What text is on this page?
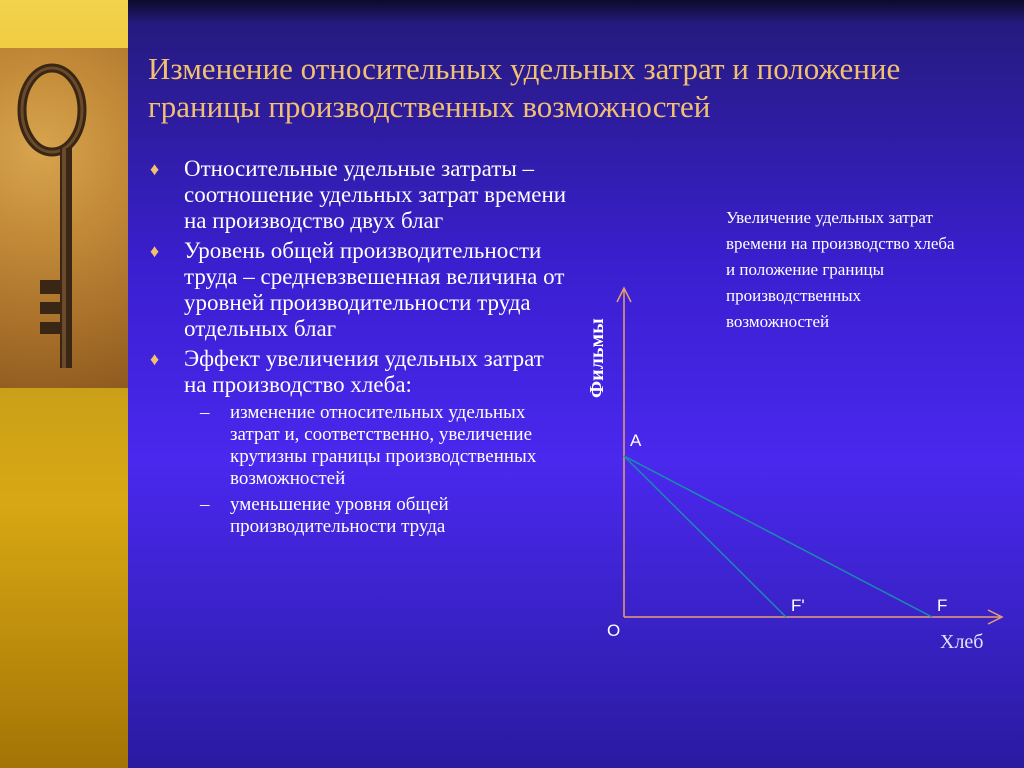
Изменение относительных удельных затрат и положение границы производственных возможностей
♦ Относительные удельные затраты – соотношение удельных затрат времени на производство двух благ
♦ Уровень общей производительности труда – средневзвешенная величина от уровней производительности труда отдельных благ
♦ Эффект увеличения удельных затрат на производство хлеба:
– изменение относительных удельных затрат и, соответственно, увеличение крутизны границы производственных возможностей
– уменьшение уровня общей производительности труда
Увеличение удельных затрат времени на производство хлеба и положение границы производственных возможностей
Фильмы
Хлеб
A
O
F'	F
